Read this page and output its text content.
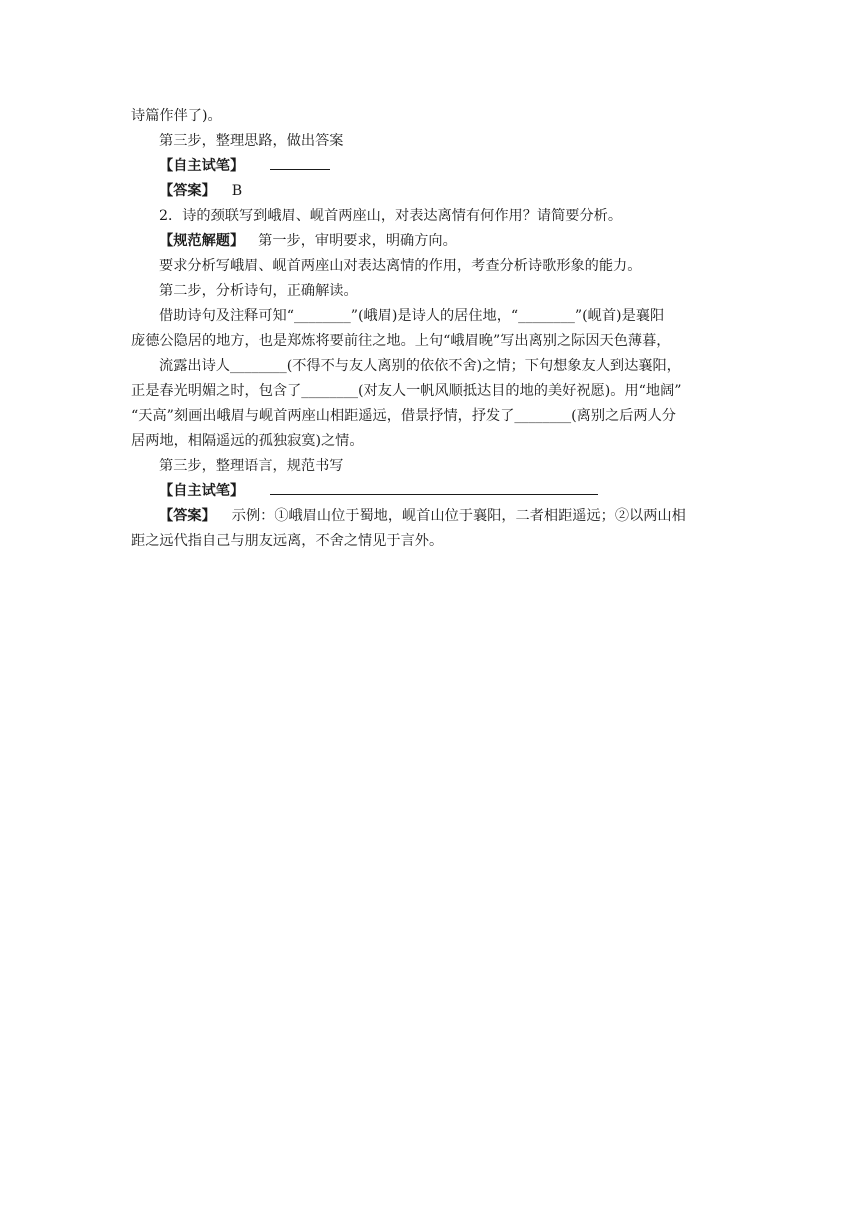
诗篇作伴了)。

第三步，整理思路，做出答案

【自主试笔】

【答案】 B

2．诗的颈联写到峨眉、岘首两座山，对表达离情有何作用？请简要分析。

【规范解题】 第一步，审明要求，明确方向。

要求分析写峨眉、岘首两座山对表达离情的作用，考查分析诗歌形象的能力。

第二步，分析诗句，正确解读。

借助诗句及注释可知“________”(峨眉)是诗人的居住地，“________”(岘首)是襄阳

庞德公隐居的地方，也是郑炼将要前往之地。上句“峨眉晚”写出离别之际因天色薄暮，

流露出诗人________(不得不与友人离别的依依不舍)之情；下句想象友人到达襄阳，

正是春光明媚之时，包含了________(对友人一帆风顺抵达目的地的美好祝愿)。用“地阔”

“天高”刻画出峨眉与岘首两座山相距遥远，借景抒情，抒发了________(离别之后两人分

居两地，相隔遥远的孤独寂寞)之情。

第三步，整理语言，规范书写

【自主试笔】

【答案】 示例：①峨眉山位于蜀地，岘首山位于襄阳，二者相距遥远；②以两山相

距之远代指自己与朋友远离，不舍之情见于言外。
